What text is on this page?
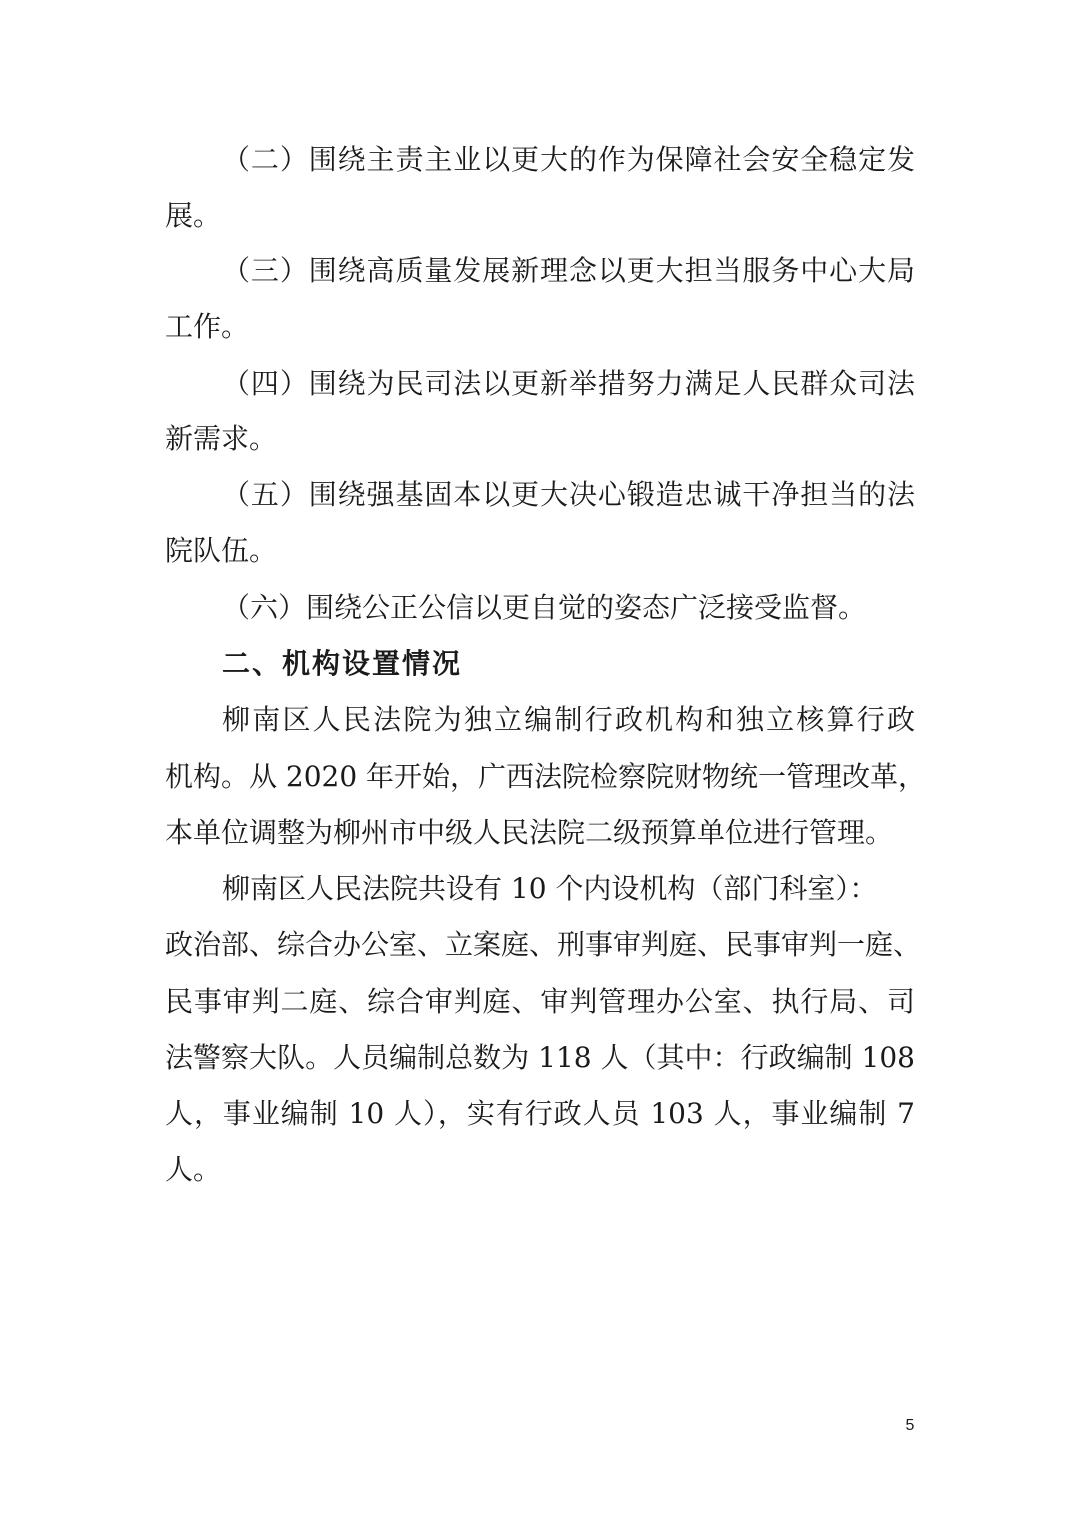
（二）围绕主责主业以更大的作为保障社会安全稳定发
展。
（三）围绕高质量发展新理念以更大担当服务中心大局
工作。
（四）围绕为民司法以更新举措努力满足人民群众司法
新需求。
（五）围绕强基固本以更大决心锻造忠诚干净担当的法
院队伍。
（六）围绕公正公信以更自觉的姿态广泛接受监督。
二、机构设置情况
柳南区人民法院为独立编制行政机构和独立核算行政
机构。从 2020 年开始，广西法院检察院财物统一管理改革，
本单位调整为柳州市中级人民法院二级预算单位进行管理。
柳南区人民法院共设有 10 个内设机构（部门科室）：
政治部、综合办公室、立案庭、刑事审判庭、民事审判一庭、
民事审判二庭、综合审判庭、审判管理办公室、执行局、司
法警察大队。人员编制总数为 118 人（其中：行政编制 108
人，事业编制 10 人），实有行政人员 103 人，事业编制 7
人。
5
